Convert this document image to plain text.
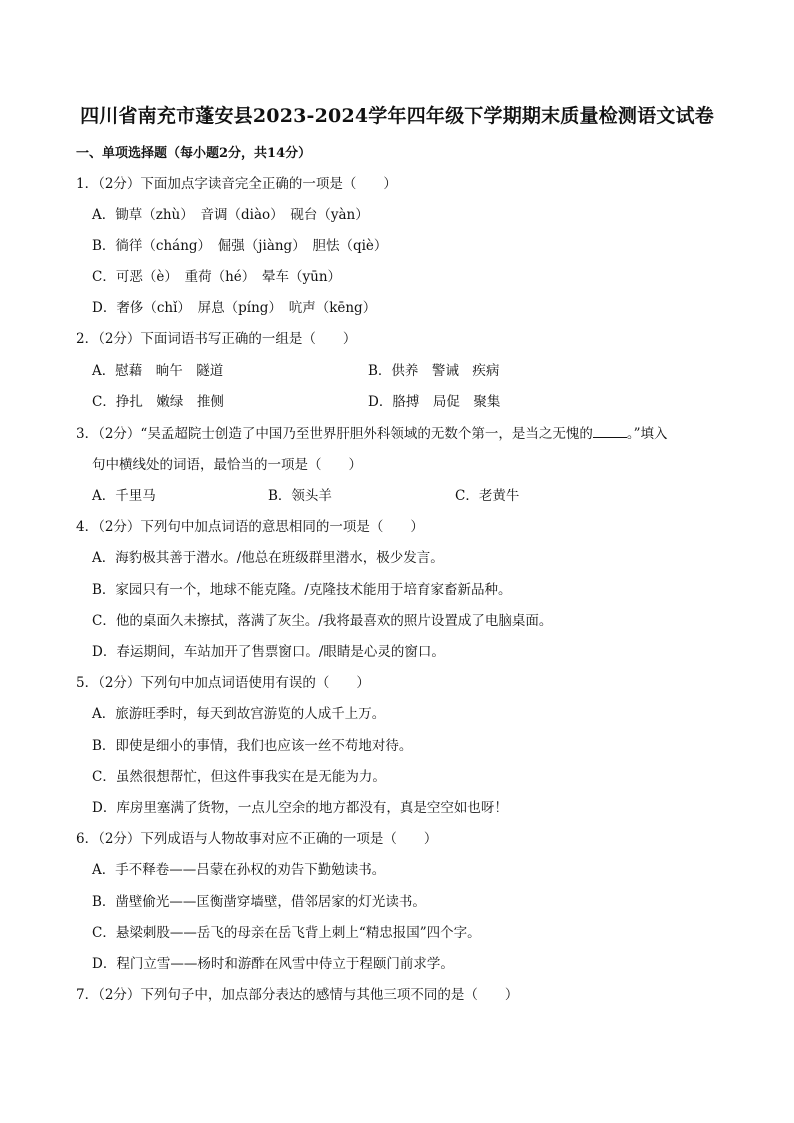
四川省南充市蓬安县2023-2024学年四年级下学期期末质量检测语文试卷
一、单项选择题（每小题2分，共14分）
1．（2分）下面加点字读音完全正确的一项是（　　）
A．锄草（zhù）　音调（diào）　砚台（yàn）
B．徜徉（cháng）　倔强（jiàng）　胆怯（qiè）
C．可恶（è）　重荷（hé）　晕车（yūn）
D．奢侈（chǐ）　屏息（píng）　吭声（kēng）
2．（2分）下面词语书写正确的一组是（　　）
A．慰藉　晌午　隧道	B．供养　警诫　疾病
C．挣扎　嫩绿　推侧	D．胳搏　局促　聚集
3．（2分）“吴孟超院士创造了中国乃至世界肝胆外科领域的无数个第一，是当之无愧的	。”填入
句中横线处的词语，最恰当的一项是（　　）
A．千里马	B．领头羊	C．老黄牛
4．（2分）下列句中加点词语的意思相同的一项是（　　）
A．海豹极其善于潜水。/他总在班级群里潜水，极少发言。
B．家园只有一个，地球不能克隆。/克隆技术能用于培育家畜新品种。
C．他的桌面久未擦拭，落满了灰尘。/我将最喜欢的照片设置成了电脑桌面。
D．春运期间，车站加开了售票窗口。/眼睛是心灵的窗口。
5．（2分）下列句中加点词语使用有误的（　　）
A．旅游旺季时，每天到故宫游览的人成千上万。
B．即使是细小的事情，我们也应该一丝不苟地对待。
C．虽然很想帮忙，但这件事我实在是无能为力。
D．库房里塞满了货物，一点儿空余的地方都没有，真是空空如也呀！
6．（2分）下列成语与人物故事对应不正确的一项是（　　）
A．手不释卷——吕蒙在孙权的劝告下勤勉读书。
B．凿壁偷光——匡衡凿穿墙壁，借邻居家的灯光读书。
C．悬梁刺股——岳飞的母亲在岳飞背上刺上“精忠报国”四个字。
D．程门立雪——杨时和游酢在风雪中侍立于程颐门前求学。
7．（2分）下列句子中，加点部分表达的感情与其他三项不同的是（　　）
